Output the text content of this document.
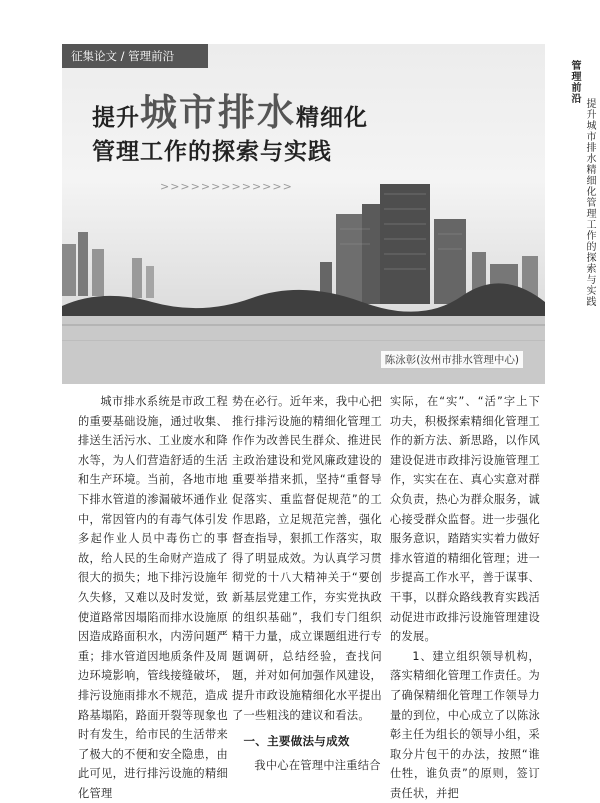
征集论文 / 管理前沿
提升城市排水精细化
管理工作的探索与实践
>>>>>>>>>>>>>
陈泳彰(汝州市排水管理中心)

城市排水系统是市政工程的重要基础设施，通过收集、排送生活污水、工业废水和降水等，为人们营造舒适的生活和生产环境。当前，各地市地下排水管道的渗漏破坏通作业中，常因管内的有毒气体引发多起作业人员中毒伤亡的事故，给人民的生命财产造成了很大的损失；地下排污设施年久失修，又难以及时发觉，致使道路常因塌陷而排水设施原因造成路面积水，内涝问题严重；排水管道因地质条件及周边环境影响，管线接缝破坏，排污设施雨排水不规范，造成路基塌陷，路面开裂等现象也时有发生，给市民的生活带来了极大的不便和安全隐患，由此可见，进行排污设施的精细化管理

势在必行。近年来，我中心把推行排污设施的精细化管理工作作为改善民生群众、推进民主政治建设和党风廉政建设的重要举措来抓，坚持“重督导促落实、重监督促规范”的工作思路，立足规范完善，强化督查指导，狠抓工作落实，取得了明显成效。为认真学习贯彻党的十八大精神关于“要创新基层党建工作，夯实党执政的组织基础”，我们专门组织精干力量，成立课题组进行专题调研，总结经验，查找问题，并对如何加强作风建设，提升市政设施精细化水平提出了一些粗浅的建议和看法。

一、主要做法与成效

我中心在管理中注重结合

实际，在“实”、“活”字上下功夫，积极探索精细化管理工作的新方法、新思路，以作风建设促进市政排污设施管理工作，实实在在、真心实意对群众负责，热心为群众服务，诚心接受群众监督。进一步强化服务意识，踏踏实实着力做好排水管道的精细化管理；进一步提高工作水平，善于谋事、干事，以群众路线教育实践活动促进市政排污设施管理建设的发展。

1、建立组织领导机构，落实精细化管理工作责任。为了确保精细化管理工作领导力量的到位，中心成立了以陈泳彰主任为组长的领导小组，采取分片包干的办法，按照“谁仕牲，谁负责”的原则，签订责任状，并把

管理前沿
提升城市排水精细化管理工作的探索与实践
